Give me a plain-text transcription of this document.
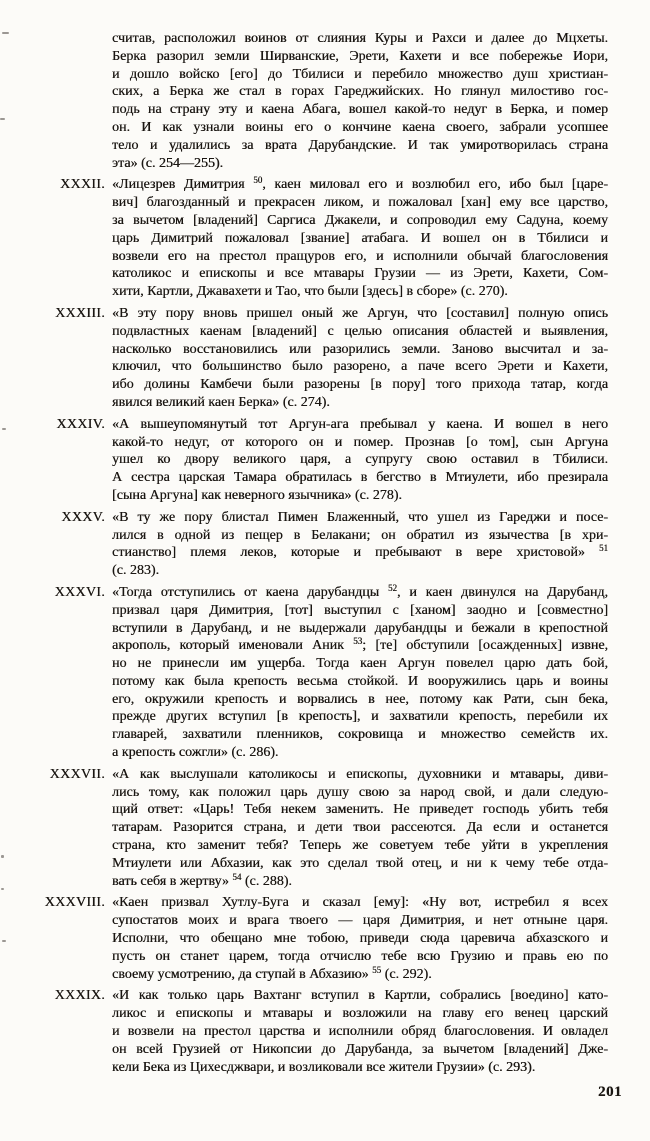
считав, расположил воинов от слияния Куры и Рахси и далее до Мцхеты.
Берка разорил земли Ширванские, Эрети, Кахети и все побережье Иори,
и дошло войско [его] до Тбилиси и перебило множество душ христиан-
ских, а Берка же стал в горах Гареджийских. Но глянул милостиво гос-
подь на страну эту и каена Абага, вошел какой-то недуг в Берка, и помер
он. И как узнали воины его о кончине каена своего, забрали усопшее
тело и удалились за врата Дарубандские. И так умиротворилась страна
эта» (с. 254—255).
XXXII. «Лицезрев Димитрия $^{50}$, каен миловал его и возлюбил его, ибо был [царе-
вич] благозданный и прекрасен ликом, и пожаловал [хан] ему все царство,
за вычетом [владений] Саргиса Джакели, и сопроводил ему Садуна, коему
царь Димитрий пожаловал [звание] атабага. И вошел он в Тбилиси и
возвели его на престол пращуров его, и исполнили обычай благословения
католикос и епископы и все мтавары Грузии — из Эрети, Кахети, Сом-
хити, Картли, Джавахети и Тао, что были [здесь] в сборе» (с. 270).
XXXIII. «В эту пору вновь пришел оный же Аргун, что [составил] полную опись
подвластных каенам [владений] с целью описания областей и выявления,
насколько восстановились или разорились земли. Заново высчитал и за-
ключил, что большинство было разорено, а паче всего Эрети и Кахети,
ибо долины Камбечи были разорены [в пору] того прихода татар, когда
явился великий каен Берка» (с. 274).
XXXIV. «А вышеупомянутый тот Аргун-ага пребывал у каена. И вошел в него
какой-то недуг, от которого он и помер. Прознав [о том], сын Аргуна
ушел ко двору великого царя, а супругу свою оставил в Тбилиси.
А сестра царская Тамара обратилась в бегство в Мтиулети, ибо презирала
[сына Аргуна] как неверного язычника» (с. 278).
XXXV. «В ту же пору блистал Пимен Блаженный, что ушел из Гареджи и посе-
лился в одной из пещер в Белакани; он обратил из язычества [в хри-
стианство] племя леков, которые и пребывают в вере христовой» $^{51}$
(с. 283).
XXXVI. «Тогда отступились от каена дарубандцы $^{52}$, и каен двинулся на Дарубанд,
призвал царя Димитрия, [тот] выступил с [ханом] заодно и [совместно]
вступили в Дарубанд, и не выдержали дарубандцы и бежали в крепостной
акрополь, который именовали Аник $^{53}$; [те] обступили [осажденных] извне,
но не принесли им ущерба. Тогда каен Аргун повелел царю дать бой,
потому как была крепость весьма стойкой. И вооружились царь и воины
его, окружили крепость и ворвались в нее, потому как Рати, сын бека,
прежде других вступил [в крепость], и захватили крепость, перебили их
главарей, захватили пленников, сокровища и множество семейств их.
а крепость сожгли» (с. 286).
XXXVII. «А как выслушали католикосы и епископы, духовники и мтавары, диви-
лись тому, как положил царь душу свою за народ свой, и дали следую-
щий ответ: «Царь! Тебя некем заменить. Не приведет господь убить тебя
татарам. Разорится страна, и дети твои рассеются. Да если и останется
страна, кто заменит тебя? Теперь же советуем тебе уйти в укрепления
Мтиулети или Абхазии, как это сделал твой отец, и ни к чему тебе отда-
вать себя в жертву» $^{54}$ (с. 288).
XXXVIII. «Каен призвал Хутлу-Буга и сказал [ему]: «Ну вот, истребил я всех
супостатов моих и врага твоего — царя Димитрия, и нет отныне царя.
Исполни, что обещано мне тобою, приведи сюда царевича абхазского и
пусть он станет царем, тогда отчислю тебе всю Грузию и правь ею по
своему усмотрению, да ступай в Абхазию» $^{55}$ (с. 292).
XXXIX. «И как только царь Вахтанг вступил в Картли, собрались [воедино] като-
ликос и епископы и мтавары и возложили на главу его венец царский
и возвели на престол царства и исполнили обряд благословения. И овладел
он всей Грузией от Никопсии до Дарубанда, за вычетом [владений] Дже-
кели Бека из Цихесджвари, и возликовали все жители Грузии» (с. 293).
201
